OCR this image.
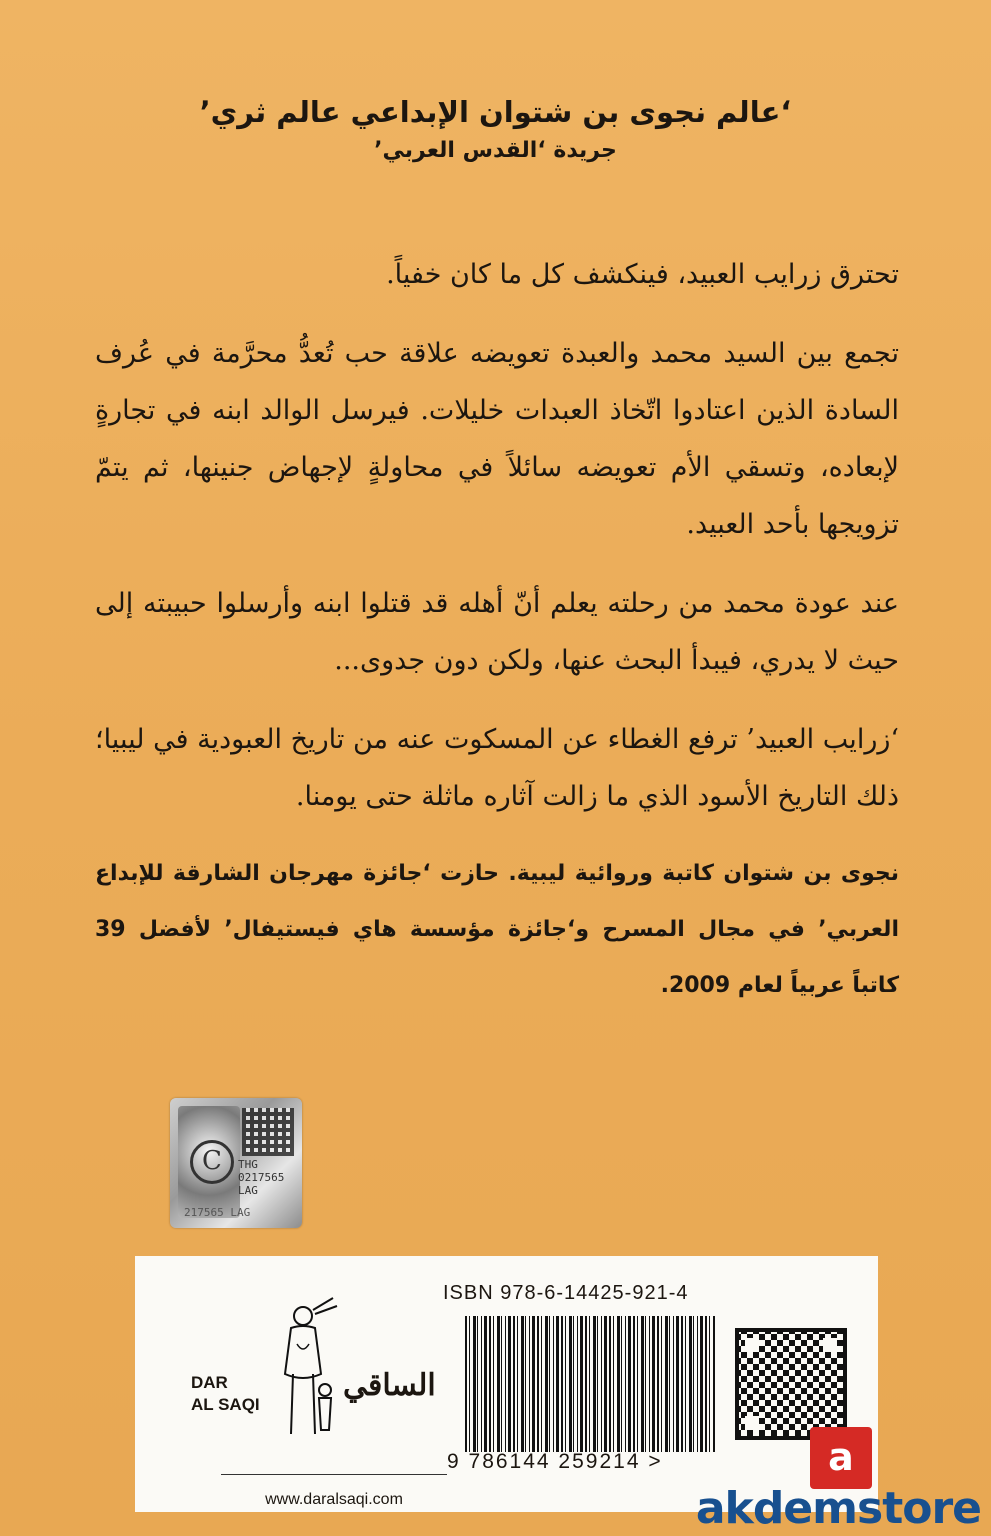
‘عالم نجوى بن شتوان الإبداعي عالم ثري’
جريدة ‘القدس العربي’

تحترق زرايب العبيد، فينكشف كل ما كان خفياً.

تجمع بين السيد محمد والعبدة تعويضه علاقة حب تُعدُّ محرَّمة في عُرف السادة الذين اعتادوا اتّخاذ العبدات خليلات. فيرسل الوالد ابنه في تجارةٍ لإبعاده، وتسقي الأم تعويضه سائلاً في محاولةٍ لإجهاض جنينها، ثم يتمّ تزويجها بأحد العبيد.

عند عودة محمد من رحلته يعلم أنّ أهله قد قتلوا ابنه وأرسلوا حبيبته إلى حيث لا يدري، فيبدأ البحث عنها، ولكن دون جدوى...

‘زرايب العبيد’ ترفع الغطاء عن المسكوت عنه من تاريخ العبودية في ليبيا؛ ذلك التاريخ الأسود الذي ما زالت آثاره ماثلة حتى يومنا.

نجوى بن شتوان كاتبة وروائية ليبية. حازت ‘جائزة مهرجان الشارقة للإبداع العربي’ في مجال المسرح و‘جائزة مؤسسة هاي فيستيفال’ لأفضل 39 كاتباً عربياً لعام 2009.
C	THG
0217565
LAG
217565 LAG
DAR
AL SAQI
الساقي
www.daralsaqi.com
ISBN 978-6-14425-921-4
9 786144 259214 >	a
akdemstore
